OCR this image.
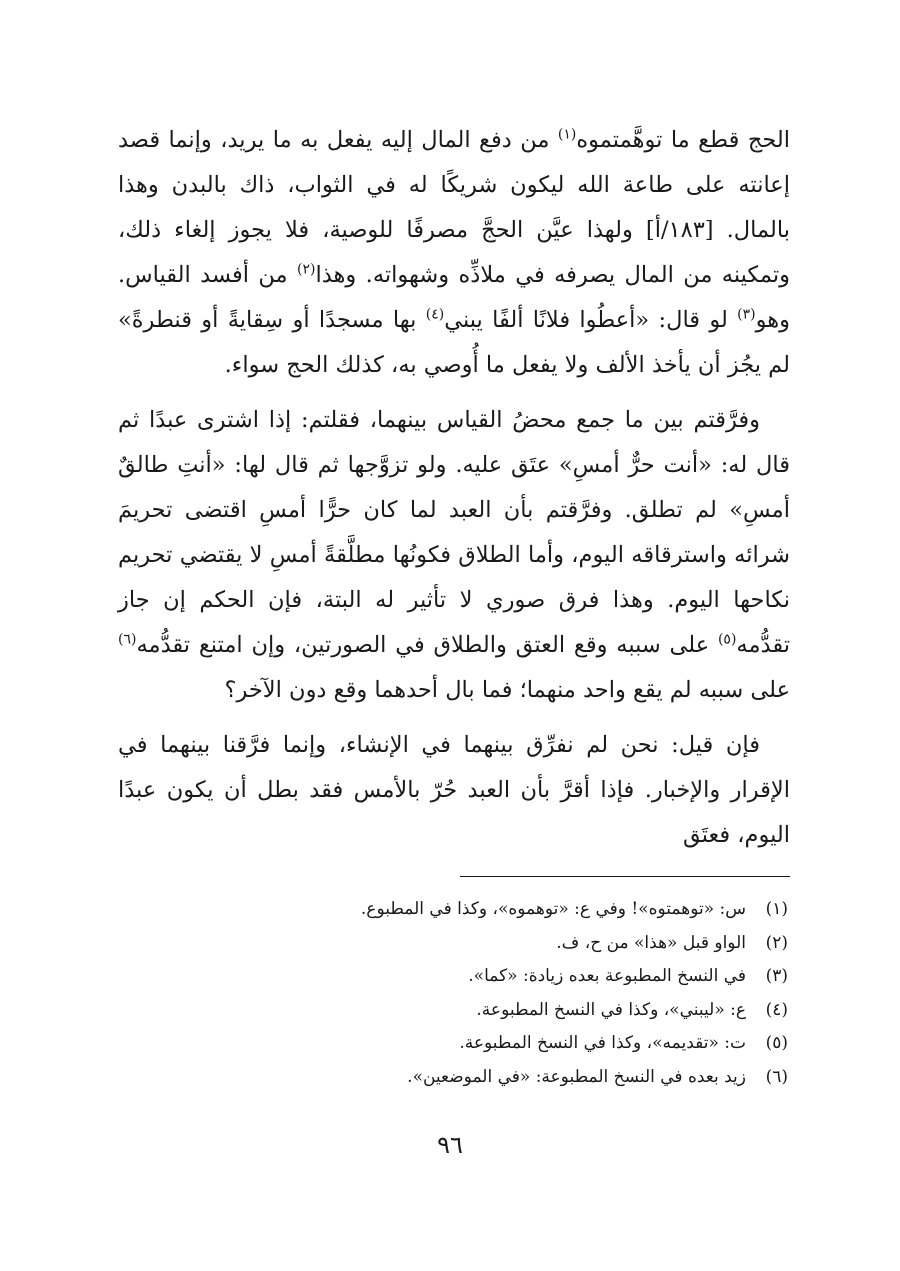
الحج قطع ما توهَّمتموه$^{(١)}$ من دفع المال إليه يفعل به ما يريد، وإنما قصد إعانته على طاعة الله ليكون شريكًا له في الثواب، ذاك بالبدن وهذا بالمال. [١٨٣/أ] ولهذا عيَّن الحجَّ مصرفًا للوصية، فلا يجوز إلغاء ذلك، وتمكينه من المال يصرفه في ملاذِّه وشهواته. وهذا$^{(٢)}$ من أفسد القياس. وهو$^{(٣)}$ لو قال: «أعطُوا فلانًا ألفًا يبني$^{(٤)}$ بها مسجدًا أو سِقايةً أو قنطرةً» لم يجُز أن يأخذ الألف ولا يفعل ما أُوصي به، كذلك الحج سواء.

وفرَّقتم بين ما جمع محضُ القياس بينهما، فقلتم: إذا اشترى عبدًا ثم قال له: «أنت حرٌّ أمسِ» عتَق عليه. ولو تزوَّجها ثم قال لها: «أنتِ طالقٌ أمسِ» لم تطلق. وفرَّقتم بأن العبد لما كان حرًّا أمسِ اقتضى تحريمَ شرائه واسترقاقه اليوم، وأما الطلاق فكونُها مطلَّقةً أمسِ لا يقتضي تحريم نكاحها اليوم. وهذا فرق صوري لا تأثير له البتة، فإن الحكم إن جاز تقدُّمه$^{(٥)}$ على سببه وقع العتق والطلاق في الصورتين، وإن امتنع تقدُّمه$^{(٦)}$ على سببه لم يقع واحد منهما؛ فما بال أحدهما وقع دون الآخر؟

فإن قيل: نحن لم نفرِّق بينهما في الإنشاء، وإنما فرَّقنا بينهما في الإقرار والإخبار. فإذا أقرَّ بأن العبد حُرّ بالأمس فقد بطل أن يكون عبدًا اليوم، فعتَق

(١)س: «توهمتوه»! وفي ع: «توهموه»، وكذا في المطبوع.
(٢)الواو قبل «هذا» من ح، ف.
(٣)في النسخ المطبوعة بعده زيادة: «كما».
(٤)ع: «ليبني»، وكذا في النسخ المطبوعة.
(٥)ت: «تقديمه»، وكذا في النسخ المطبوعة.
(٦)زيد بعده في النسخ المطبوعة: «في الموضعين».
٩٦
